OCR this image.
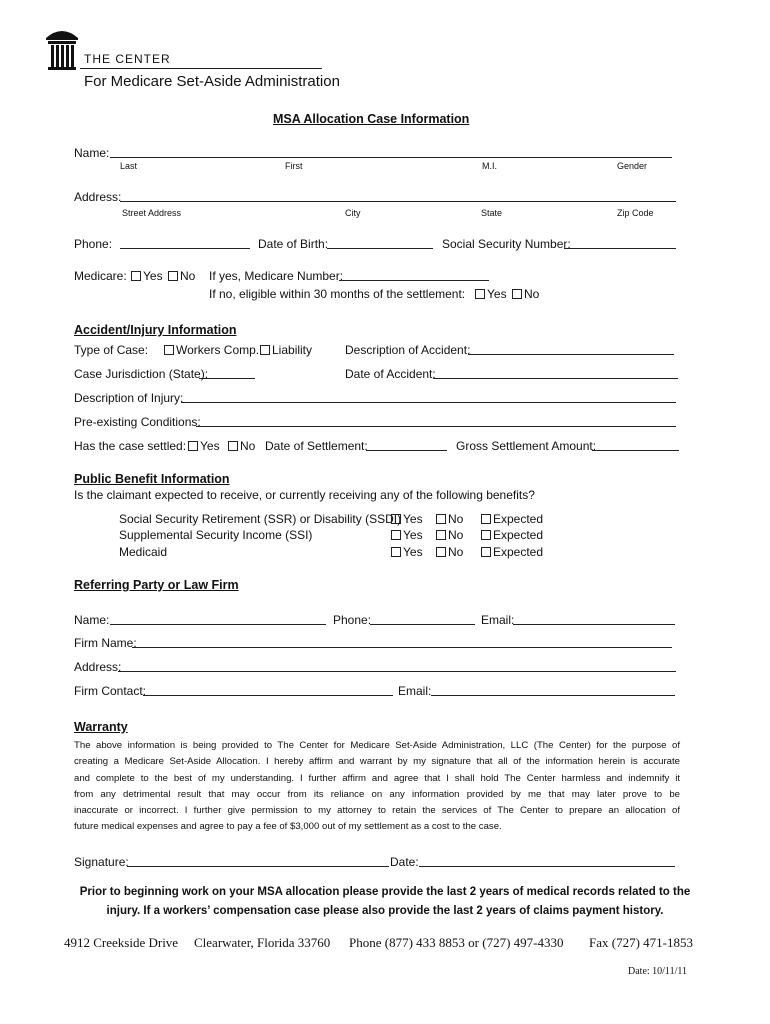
THE CENTER
For Medicare Set-Aside Administration
MSA Allocation Case Information
Name:
Last	First	M.I.	Gender
Address:
Street Address	City	State	Zip Code
Phone:	Date of Birth:	Social Security Number:
Medicare:	Yes	No If yes, Medicare Number:
If no, eligible within 30 months of the settlement:	Yes	No
Accident/Injury Information
Type of Case:	Workers Comp.	Liability	Description of Accident:
Case Jurisdiction (State):	Date of Accident:
Description of Injury:
Pre-existing Conditions:
Has the case settled:	Yes	No Date of Settlement:	Gross Settlement Amount:
Public Benefit Information
Is the claimant expected to receive, or currently receiving any of the following benefits?
Social Security Retirement (SSR) or Disability (SSDI) Yes	No	Expected
Supplemental Security Income (SSI)	Yes	No	Expected
Medicaid	Yes	No	Expected
Referring Party or Law Firm
Name:	Phone:	Email:
Firm Name:
Address:
Firm Contact:	Email:
Warranty
The above information is being provided to The Center for Medicare Set-Aside Administration, LLC (The Center) for the purpose of
creating a Medicare Set-Aside Allocation. I hereby affirm and warrant by my signature that all of the information herein is accurate
and complete to the best of my understanding. I further affirm and agree that I shall hold The Center harmless and indemnify it
from any detrimental result that may occur from its reliance on any information provided by me that may later prove to be
inaccurate or incorrect. I further give permission to my attorney to retain the services of The Center to prepare an allocation of
future medical expenses and agree to pay a fee of $3,000 out of my settlement as a cost to the case.
Signature:	Date:
Prior to beginning work on your MSA allocation please provide the last 2 years of medical records related to the
injury. If a workers’ compensation case please also provide the last 2 years of claims payment history.
4912 Creekside Drive Clearwater, Florida 33760 Phone (877) 433 8853 or (727) 497-4330 Fax (727) 471-1853
Date: 10/11/11
